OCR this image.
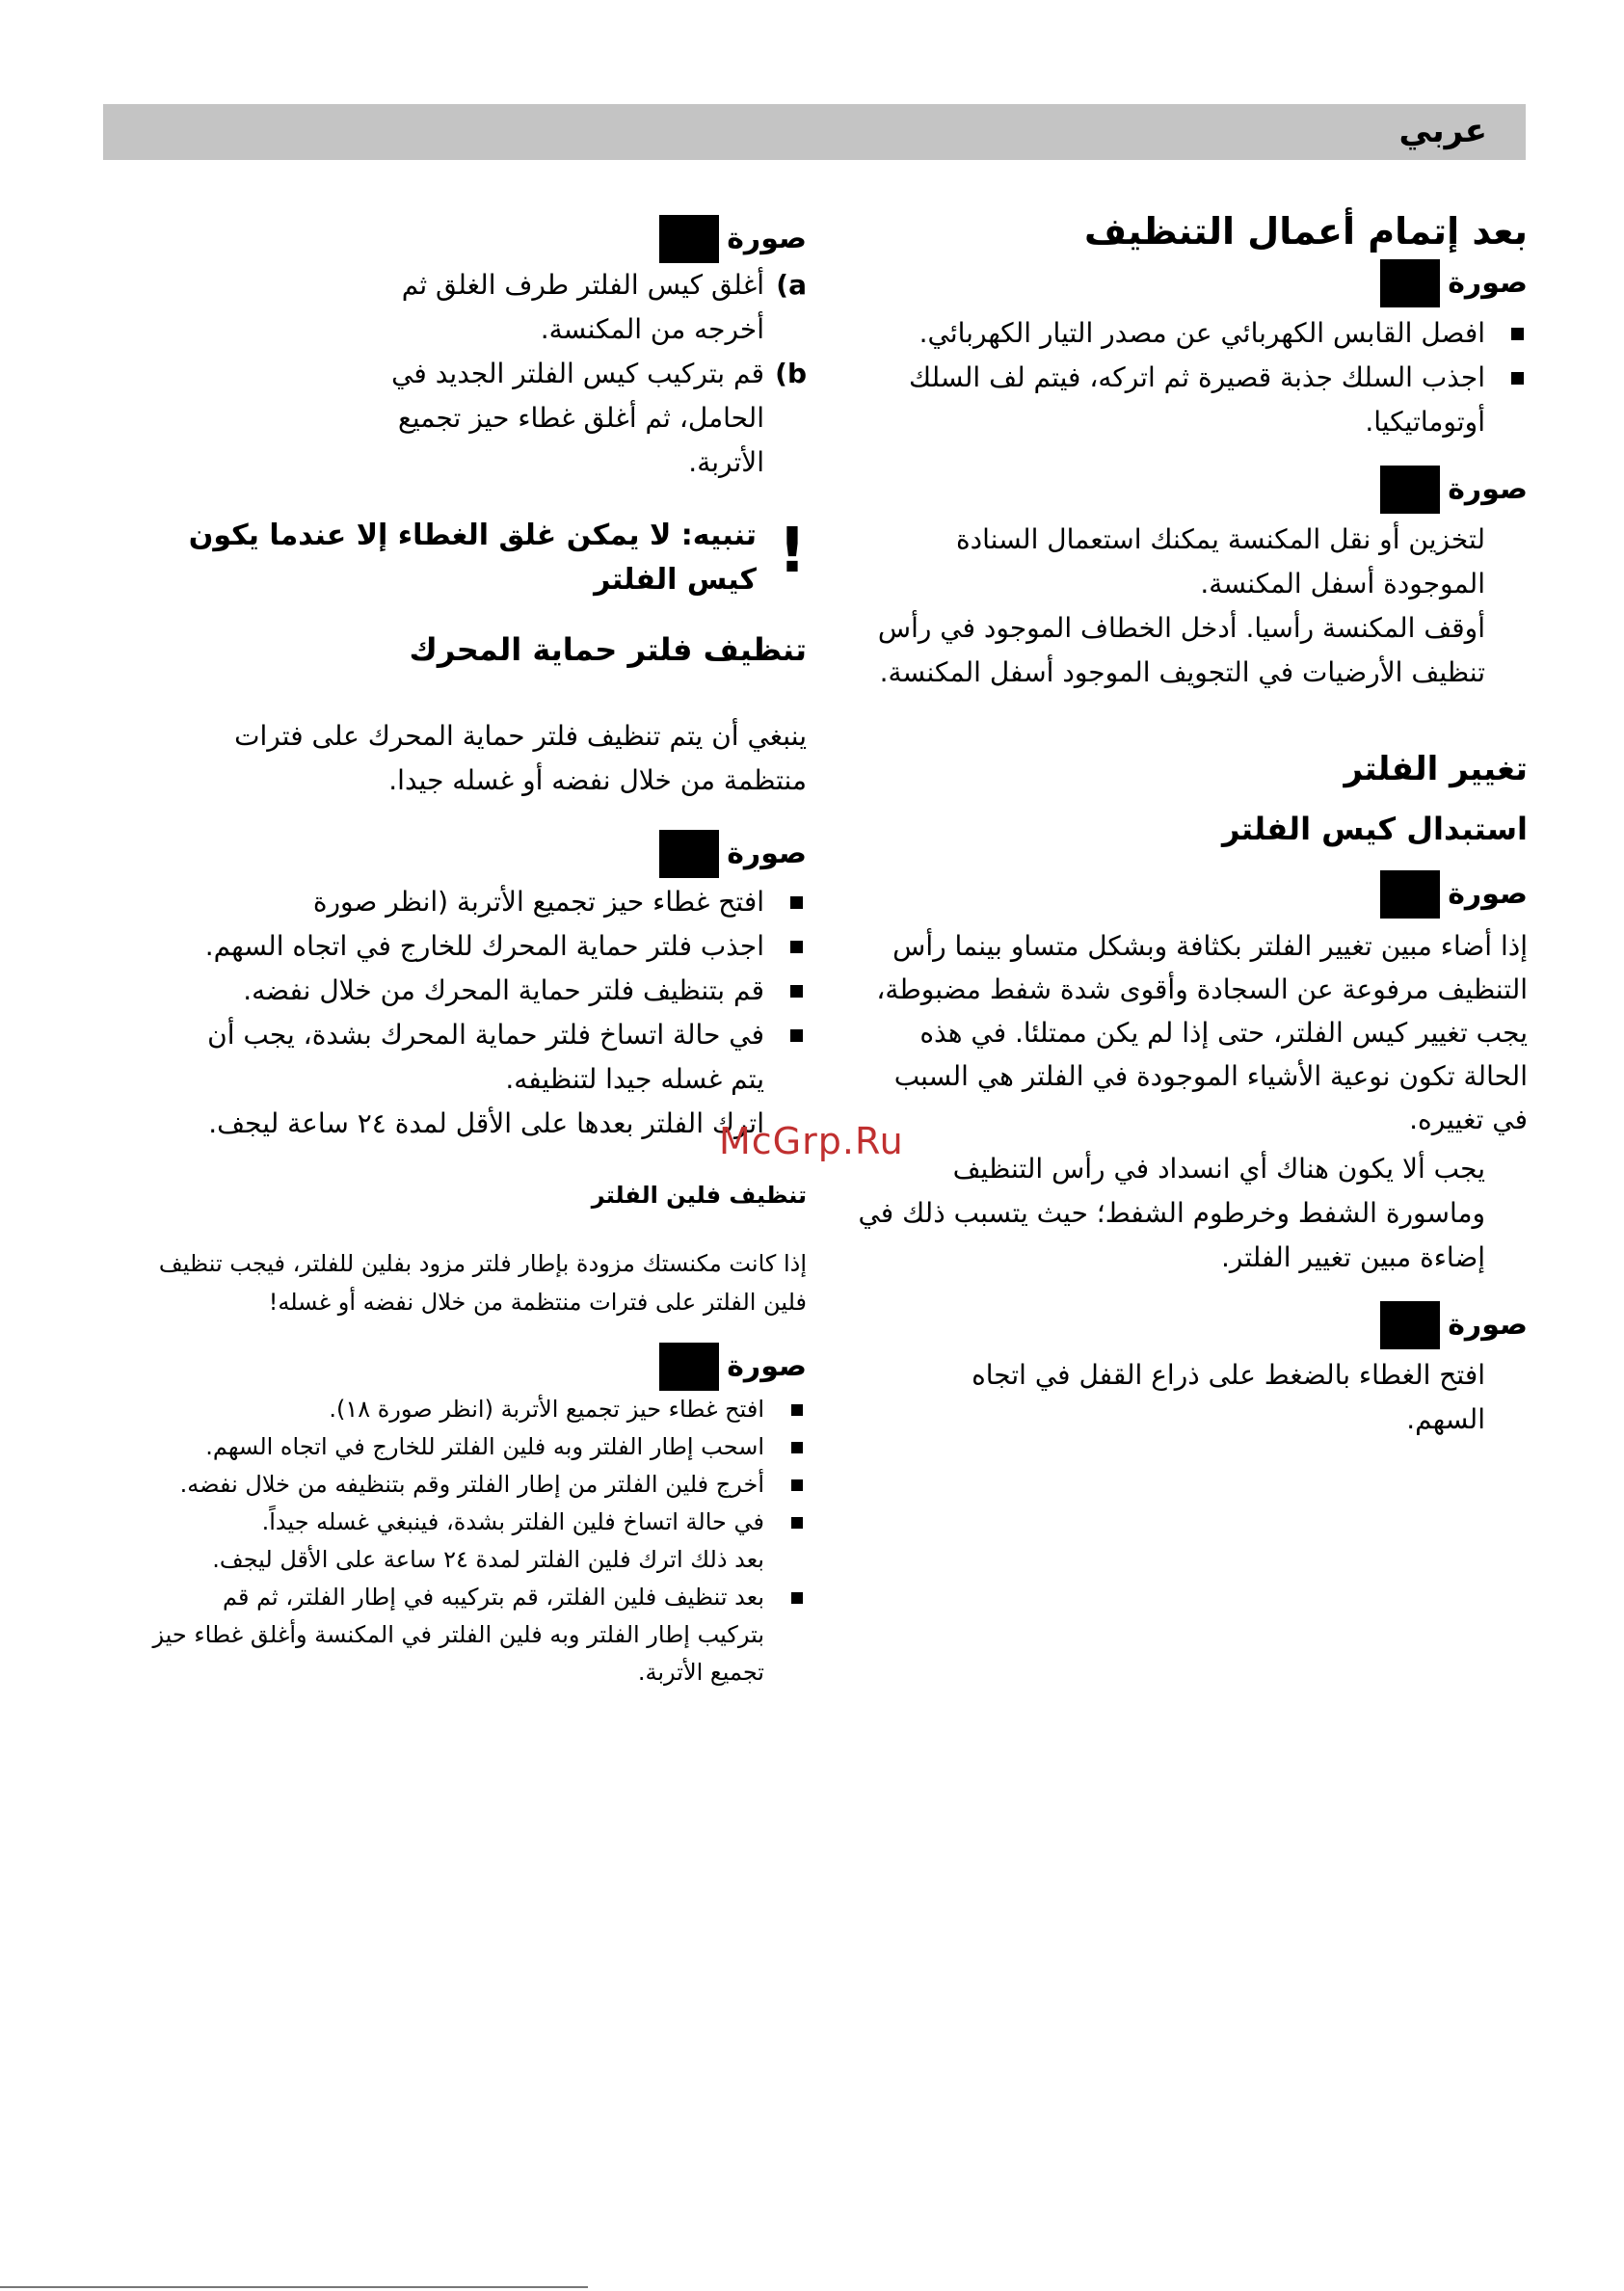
عربي
بعد إتمام أعمال التنظيف
صورة
افصل القابس الكهربائي عن مصدر التيار الكهربائي.
اجذب السلك جذبة قصيرة ثم اتركه، فيتم لف السلك أوتوماتيكيا.
صورة

لتخزين أو نقل المكنسة يمكنك استعمال السنادة الموجودة أسفل المكنسة.

أوقف المكنسة رأسيا. أدخل الخطاف الموجود في رأس تنظيف الأرضيات في التجويف الموجود أسفل المكنسة.

تغيير الفلتر
استبدال كيس الفلتر
صورة

إذا أضاء مبين تغيير الفلتر بكثافة وبشكل متساو بينما رأس التنظيف مرفوعة عن السجادة وأقوى شدة شفط مضبوطة، يجب تغيير كيس الفلتر، حتى إذا لم يكن ممتلئا. في هذه الحالة تكون نوعية الأشياء الموجودة في الفلتر هي السبب في تغييره.

يجب ألا يكون هناك أي انسداد في رأس التنظيف وماسورة الشفط وخرطوم الشفط؛ حيث يتسبب ذلك في إضاءة مبين تغيير الفلتر.

صورة

افتح الغطاء بالضغط على ذراع القفل في اتجاه السهم.

صورة
a)
أغلق كيس الفلتر طرف الغلق ثم أخرجه من المكنسة.
b)
قم بتركيب كيس الفلتر الجديد في الحامل، ثم أغلق غطاء حيز تجميع الأتربة.
!
تنبيه: لا يمكن غلق الغطاء إلا عندما يكون كيس الفلتر
تنظيف فلتر حماية المحرك

ينبغي أن يتم تنظيف فلتر حماية المحرك على فترات منتظمة من خلال نفضه أو غسله جيدا.

صورة
افتح غطاء حيز تجميع الأتربة (انظر صورة
اجذب فلتر حماية المحرك للخارج في اتجاه السهم.
قم بتنظيف فلتر حماية المحرك من خلال نفضه.
في حالة اتساخ فلتر حماية المحرك بشدة، يجب أن يتم غسله جيدا لتنظيفه.

اترك الفلتر بعدها على الأقل لمدة ٢٤ ساعة ليجف.

تنظيف فلين الفلتر

إذا كانت مكنستك مزودة بإطار فلتر مزود بفلين للفلتر، فيجب تنظيف فلين الفلتر على فترات منتظمة من خلال نفضه أو غسله!

صورة
افتح غطاء حيز تجميع الأتربة (انظر صورة ١٨).
اسحب إطار الفلتر وبه فلين الفلتر للخارج في اتجاه السهم.
أخرج فلين الفلتر من إطار الفلتر وقم بتنظيفه من خلال نفضه.
في حالة اتساخ فلين الفلتر بشدة، فينبغي غسله جيداً.
بعد ذلك اترك فلين الفلتر لمدة ٢٤ ساعة على الأقل ليجف.
بعد تنظيف فلين الفلتر، قم بتركيبه في إطار الفلتر، ثم قم بتركيب إطار الفلتر وبه فلين الفلتر في المكنسة وأغلق غطاء حيز تجميع الأتربة.
McGrp.Ru
